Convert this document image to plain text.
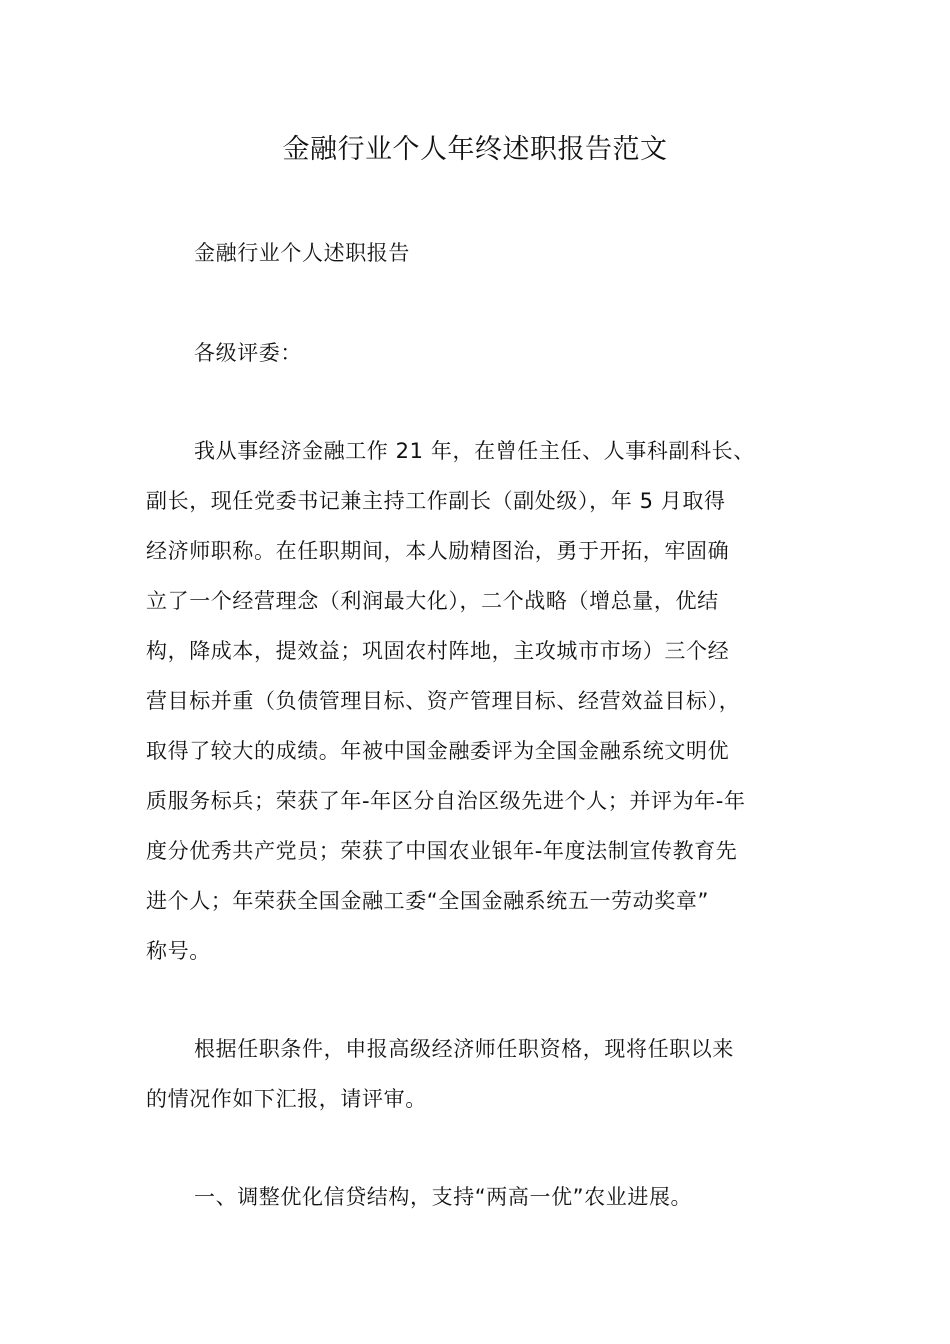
金融行业个人年终述职报告范文

金融行业个人述职报告

各级评委：

我从事经济金融工作 21 年，在曾任主任、人事科副科长、
副长，现任党委书记兼主持工作副长（副处级），年 5 月取得
经济师职称。在任职期间，本人励精图治，勇于开拓，牢固确
立了一个经营理念（利润最大化），二个战略（增总量，优结
构，降成本，提效益；巩固农村阵地，主攻城市市场）三个经
营目标并重（负债管理目标、资产管理目标、经营效益目标），
取得了较大的成绩。年被中国金融委评为全国金融系统文明优
质服务标兵；荣获了年-年区分自治区级先进个人；并评为年-年
度分优秀共产党员；荣获了中国农业银年-年度法制宣传教育先
进个人；年荣获全国金融工委“全国金融系统五一劳动奖章”
称号。
根据任职条件，申报高级经济师任职资格，现将任职以来
的情况作如下汇报，请评审。

一、调整优化信贷结构，支持“两高一优”农业进展。
